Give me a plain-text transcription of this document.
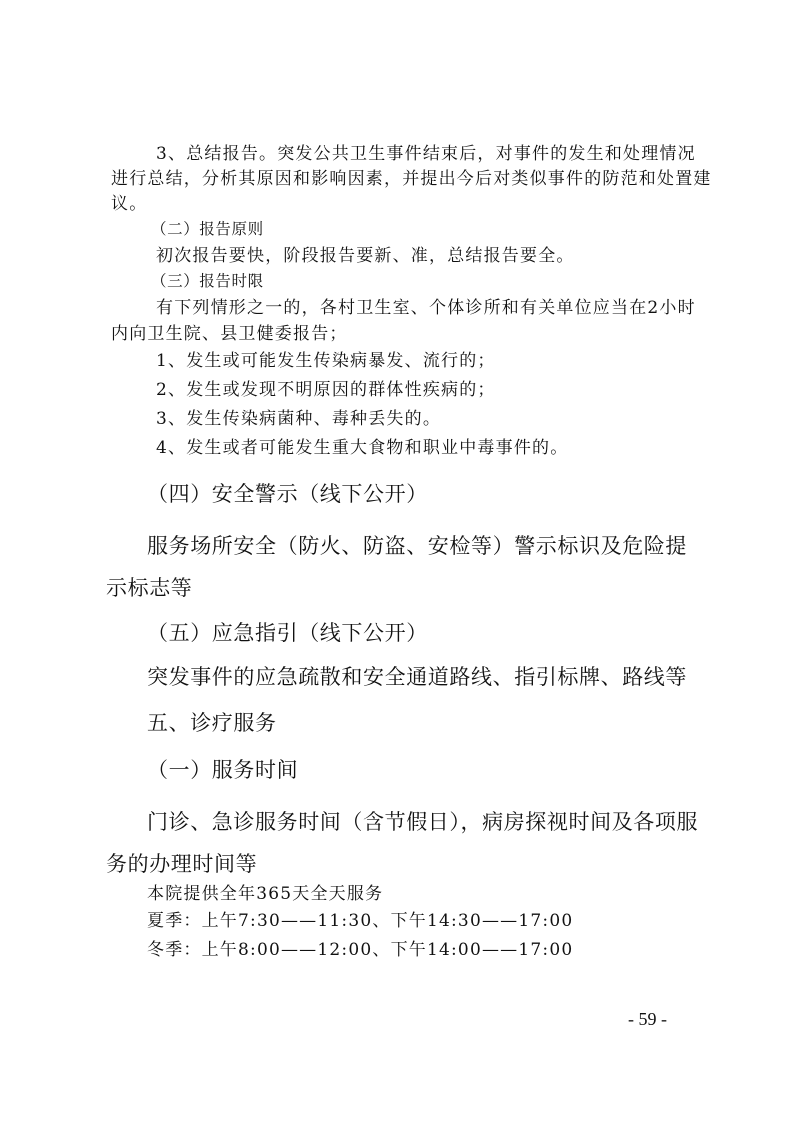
3、总结报告。突发公共卫生事件结束后，对事件的发生和处理情况
进行总结，分析其原因和影响因素，并提出今后对类似事件的防范和处置建
议。
（二）报告原则
初次报告要快，阶段报告要新、准，总结报告要全。
（三）报告时限
有下列情形之一的，各村卫生室、个体诊所和有关单位应当在2小时
内向卫生院、县卫健委报告；
1、发生或可能发生传染病暴发、流行的；
2、发生或发现不明原因的群体性疾病的；
3、发生传染病菌种、毒种丢失的。
4、发生或者可能发生重大食物和职业中毒事件的。
（四）安全警示（线下公开）
服务场所安全（防火、防盗、安检等）警示标识及危险提
示标志等
（五）应急指引（线下公开）
突发事件的应急疏散和安全通道路线、指引标牌、路线等
五、诊疗服务
（一）服务时间
门诊、急诊服务时间（含节假日），病房探视时间及各项服
务的办理时间等
本院提供全年365天全天服务
夏季：上午7:30——11:30、下午14:30——17:00
冬季：上午8:00——12:00、下午14:00——17:00
- 59 -
